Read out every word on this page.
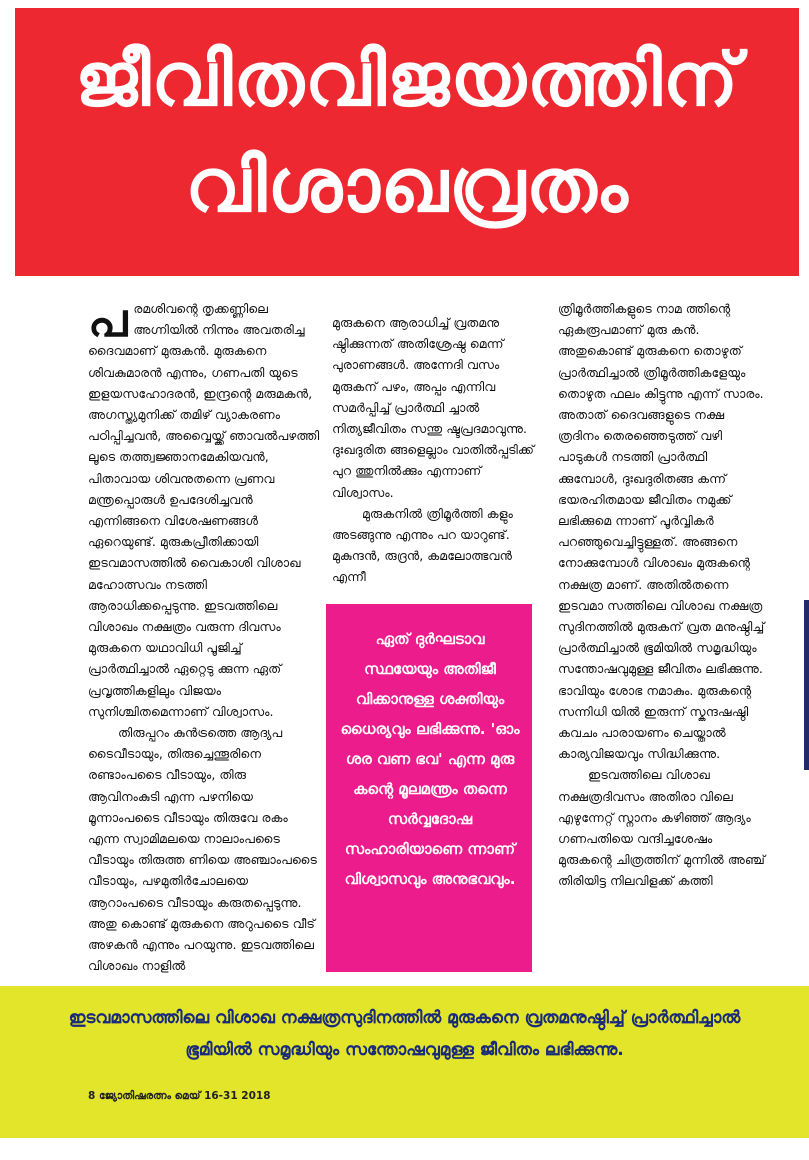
ജീവിതവിജയത്തിന്
വിശാഖവ്രതം

പരമശിവന്റെ തൃക്കണ്ണിലെ അഗ്നിയിൽ നിന്നും അവതരിച്ച ദൈവമാണ് മുരുകൻ. മുരുകനെ ശിവകുമാരൻ എന്നും, ഗണപതി യുടെ ഇളയസഹോദരൻ, ഇന്ദ്രന്റെ മരുമകൻ, അഗസ്ത്യമുനിക്ക് തമിഴ് വ്യാകരണം പഠിപ്പിച്ചവൻ, അവ്വൈയ്ക്ക് ഞാവൽപഴത്തി ലൂടെ തത്ത്വജ്ഞാനമേകിയവൻ, പിതാവായ ശിവനുതന്നെ പ്രണവ മന്ത്രപ്പൊരുൾ ഉപദേശിച്ചവൻ എന്നിങ്ങനെ വിശേഷണങ്ങൾ ഏറെയുണ്ട്. മുരുകപ്രീതിക്കായി ഇടവമാസത്തിൽ വൈകാശി വിശാഖ മഹോത്സവം നടത്തി ആരാധിക്കപ്പെടുന്നു. ഇടവത്തിലെ വിശാഖം നക്ഷത്രം വരുന്ന ദിവസം മുരുകനെ യഥാവിധി പൂജിച്ച് പ്രാർത്ഥിച്ചാൽ ഏറ്റെടു ക്കുന്ന ഏത് പ്രവൃത്തികളിലും വിജയം സുനിശ്ചിതമെന്നാണ് വിശ്വാസം.

തിരുപ്പറം കുൻട്രത്തെ ആദ്യപ ടൈവീടായും, തിരുച്ചെന്തൂരിനെ രണ്ടാംപടൈ വീടായും, തിരു ആവിനംകുടി എന്ന പഴനിയെ മൂന്നാംപടൈ വീടായും തിരുവേ രകം എന്ന സ്വാമിമലയെ നാലാംപടൈ വീടായും തിരുത്ത ണിയെ അഞ്ചാംപടൈ വീടായും, പഴമുതിർചോലയെ ആറാംപടൈ വീടായും കരുതപ്പെടുന്നു. അതു കൊണ്ട് മുരുകനെ അറുപടൈ വീട് അഴകൻ എന്നും പറയുന്നു. ഇടവത്തിലെ വിശാഖം നാളിൽ

മുരുകനെ ആരാധിച്ച് വ്രതമനു ഷ്ഠിക്കുന്നത് അതിശ്രേഷ്ഠ മെന്ന് പുരാണങ്ങൾ. അന്നേദി വസം മുരുകന് പഴം, അപ്പം എന്നിവ സമർപ്പിച്ച് പ്രാർത്ഥി ച്ചാൽ നിത്യജീവിതം സന്തു ഷ്ടപ്രദമാവുന്നു. ദുഃഖദുരിത ങ്ങളെല്ലാം വാതിൽപ്പടിക്ക് പുറ ത്തുനിൽക്കും എന്നാണ് വിശ്വാസം.

മുരുകനിൽ ത്രിമൂർത്തി കളും അടങ്ങുന്നു എന്നും പറ യാറുണ്ട്. മുകുന്ദൻ, രുദ്രൻ, കമലോത്ഭവൻ എന്നീ

ഏത് ദുർഘടാവ സ്ഥയേയും അതിജീ വിക്കാനുള്ള ശക്തിയും ധൈര്യവും ലഭിക്കുന്നു. 'ഓം ശര വണ ഭവ' എന്ന മുരു കന്റെ മൂലമന്ത്രം തന്നെ സർവ്വദോഷ സംഹാരിയാണെ ന്നാണ് വിശ്വാസവും അനുഭവവും.

ത്രിമൂർത്തികളുടെ നാമ ത്തിന്റെ ഏകരൂപമാണ് മുരു കൻ. അതുകൊണ്ട് മുരുകനെ തൊഴുത് പ്രാർത്ഥിച്ചാൽ ത്രിമൂർത്തികളേയും തൊഴുത ഫലം കിട്ടുന്നു എന്ന് സാരം. അതാത് ദൈവങ്ങളുടെ നക്ഷ ത്രദിനം തെരഞ്ഞെടുത്ത് വഴി പാടുകൾ നടത്തി പ്രാർത്ഥി ക്കുമ്പോൾ, ദുഃഖദുരിതങ്ങ കന്ന് ഭയരഹിതമായ ജീവിതം നമുക്ക് ലഭിക്കുമെ ന്നാണ് പൂർവ്വികർ പറഞ്ഞുവെച്ചിട്ടുള്ളത്. അങ്ങനെ നോക്കുമ്പോൾ വിശാഖം മുരുകന്റെ നക്ഷത്ര മാണ്. അതിൽതന്നെ ഇടവമാ സത്തിലെ വിശാഖ നക്ഷത്ര സുദിനത്തിൽ മുരുകന് വ്രത മനുഷ്ഠിച്ച് പ്രാർത്ഥിച്ചാൽ ഭൂമിയിൽ സമൃദ്ധിയും സന്തോഷവുമുള്ള ജീവിതം ലഭിക്കുന്നു. ഭാവിയും ശോഭ നമാകും. മുരുകന്റെ സന്നിധി യിൽ ഇരുന്ന് സ്കന്ദഷഷ്ഠി കവചം പാരായണം ചെയ്താൽ കാര്യവിജയവും സിദ്ധിക്കുന്നു.

ഇടവത്തിലെ വിശാഖ നക്ഷത്രദിവസം അതിരാ വിലെ എഴുന്നേറ്റ് സ്നാനം കഴിഞ്ഞ് ആദ്യം ഗണപതിയെ വന്ദിച്ചശേഷം മുരുകന്റെ ചിത്രത്തിന് മുന്നിൽ അഞ്ച് തിരിയിട്ട നിലവിളക്ക് കത്തി

ഇടവമാസത്തിലെ വിശാഖ നക്ഷത്രസുദിനത്തിൽ മുരുകനെ വ്രതമനുഷ്ഠിച്ച് പ്രാർത്ഥിച്ചാൽ ഭൂമിയിൽ സമൃദ്ധിയും സന്തോഷവുമുള്ള ജീവിതം ലഭിക്കുന്നു.

8 ജ്യോതിഷരത്നം മെയ് 16-31 2018
